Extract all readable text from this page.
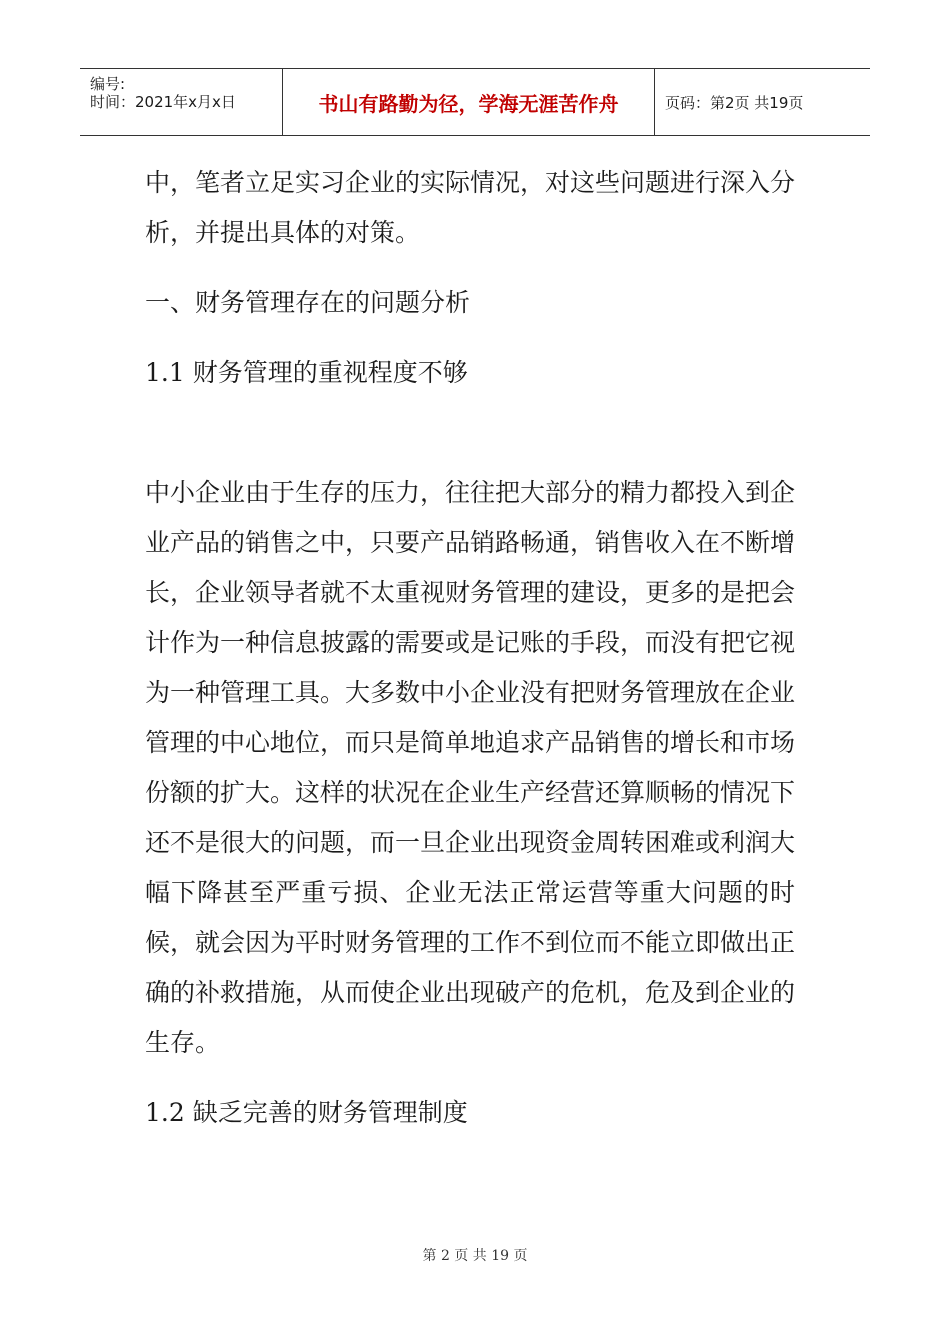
编号:
时间：2021年x月x日	书山有路勤为径，学海无涯苦作舟	页码：第2页 共19页

中，笔者立足实习企业的实际情况，对这些问题进行深入分析，并提出具体的对策。

一、财务管理存在的问题分析

1.1 财务管理的重视程度不够

中小企业由于生存的压力，往往把大部分的精力都投入到企业产品的销售之中，只要产品销路畅通，销售收入在不断增长，企业领导者就不太重视财务管理的建设，更多的是把会计作为一种信息披露的需要或是记账的手段，而没有把它视为一种管理工具。大多数中小企业没有把财务管理放在企业管理的中心地位，而只是简单地追求产品销售的增长和市场份额的扩大。这样的状况在企业生产经营还算顺畅的情况下还不是很大的问题，而一旦企业出现资金周转困难或利润大幅下降甚至严重亏损、企业无法正常运营等重大问题的时候，就会因为平时财务管理的工作不到位而不能立即做出正确的补救措施，从而使企业出现破产的危机，危及到企业的生存。

1.2 缺乏完善的财务管理制度

第 2 页 共 19 页
